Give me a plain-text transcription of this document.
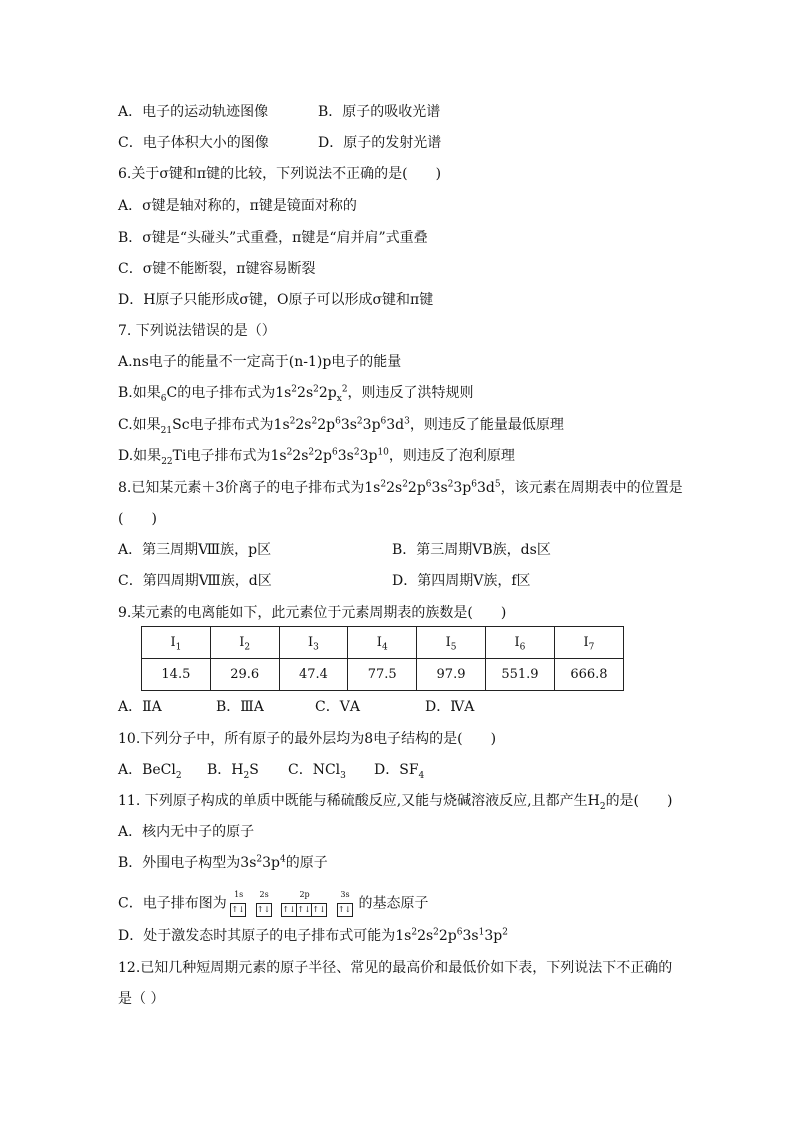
A．电子的运动轨迹图像	B．原子的吸收光谱
C．电子体积大小的图像	D．原子的发射光谱
6.关于σ键和π键的比较，下列说法不正确的是(　　)
A．σ键是轴对称的，π键是镜面对称的
B．σ键是“头碰头”式重叠，π键是“肩并肩”式重叠
C．σ键不能断裂，π键容易断裂
D．H原子只能形成σ键，O原子可以形成σ键和π键
7. 下列说法错误的是（）
A.ns电子的能量不一定高于(n-1)p电子的能量
B.如果$_6$C的电子排布式为$1s^22s^22p_x^2$，则违反了洪特规则
C.如果$_{21}$Sc电子排布式为$1s^22s^22p^63s^23p^63d^3$，则违反了能量最低原理
D.如果$_{22}$Ti电子排布式为$1s^22s^22p^63s^23p^{10}$，则违反了泡利原理
8.已知某元素＋3价离子的电子排布式为$1s^22s^22p^63s^23p^63d^5$，该元素在周期表中的位置是
(　　)
A．第三周期Ⅷ族，p区	B．第三周期ⅤB族，ds区
C．第四周期Ⅷ族，d区	D．第四周期Ⅴ族，f区
9.某元素的电离能如下，此元素位于元素周期表的族数是(　　)
$I_1$	$I_2$	$I_3$	$I_4$	$I_5$	$I_6$	$I_7$
14.5	29.6	47.4	77.5	97.9	551.9	666.8
A．ⅡA	B．ⅢA	C．ⅤA	D．ⅣA
10.下列分子中，所有原子的最外层均为8电子结构的是(　　)
A．BeCl$_2$ B．$H_2S$ C．NCl$_3$ D．$SF_4$
11. 下列原子构成的单质中既能与稀硫酸反应,又能与烧碱溶液反应,且都产生$H_2$的是(　　)
A．核内无中子的原子
B．外围电子构型为$3s^23p^4$的原子
C．电子排布图为
1s
↑↓
2s
↑↓
2p
↑↓ ↑↓ ↑↓
3s
↑↓ 的基态原子
D．处于激发态时其原子的电子排布式可能为$1s^22s^22p^63s^13p^2$
12.已知几种短周期元素的原子半径、常见的最高价和最低价如下表，下列说法下不正确的
是（ ）
